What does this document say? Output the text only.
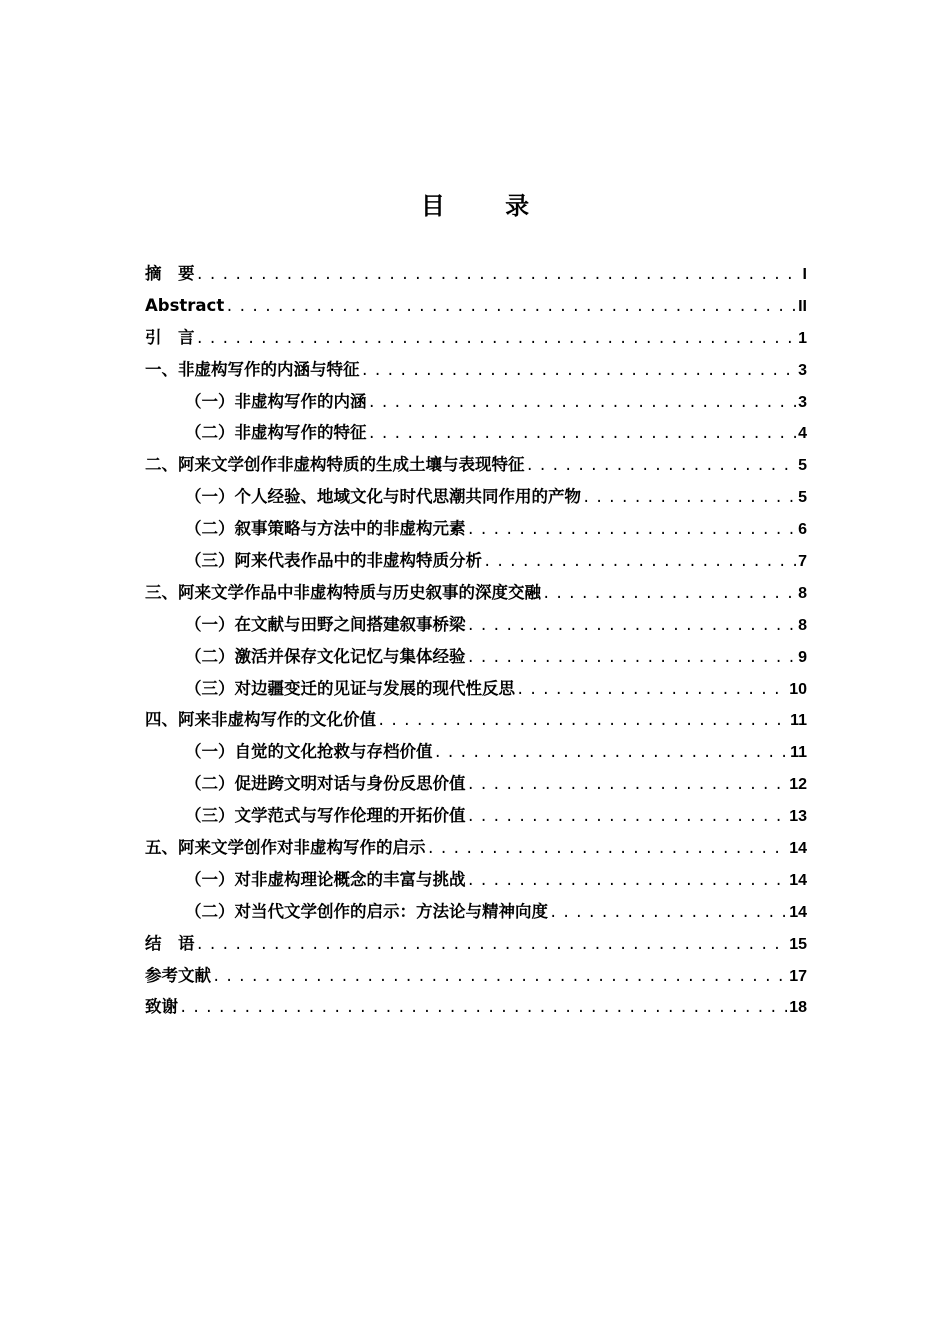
目 录
摘　要 .....	I
Abstract .....	II
引　言 .....	1
一、非虚构写作的内涵与特征 .....	3
（一）非虚构写作的内涵 .....	3
（二）非虚构写作的特征 .....	4
二、阿来文学创作非虚构特质的生成土壤与表现特征 .....	5
（一）个人经验、地域文化与时代思潮共同作用的产物 .....	5
（二）叙事策略与方法中的非虚构元素 .....	6
（三）阿来代表作品中的非虚构特质分析 .....	7
三、阿来文学作品中非虚构特质与历史叙事的深度交融 .....	8
（一）在文献与田野之间搭建叙事桥梁 .....	8
（二）激活并保存文化记忆与集体经验 .....	9
（三）对边疆变迁的见证与发展的现代性反思 .....	10
四、阿来非虚构写作的文化价值 .....	11
（一）自觉的文化抢救与存档价值 .....	11
（二）促进跨文明对话与身份反思价值 .....	12
（三）文学范式与写作伦理的开拓价值 .....	13
五、阿来文学创作对非虚构写作的启示 .....	14
（一）对非虚构理论概念的丰富与挑战 .....	14
（二）对当代文学创作的启示：方法论与精神向度 .....	14
结　语 .....	15
参考文献 .....	17
致谢 .....	18
